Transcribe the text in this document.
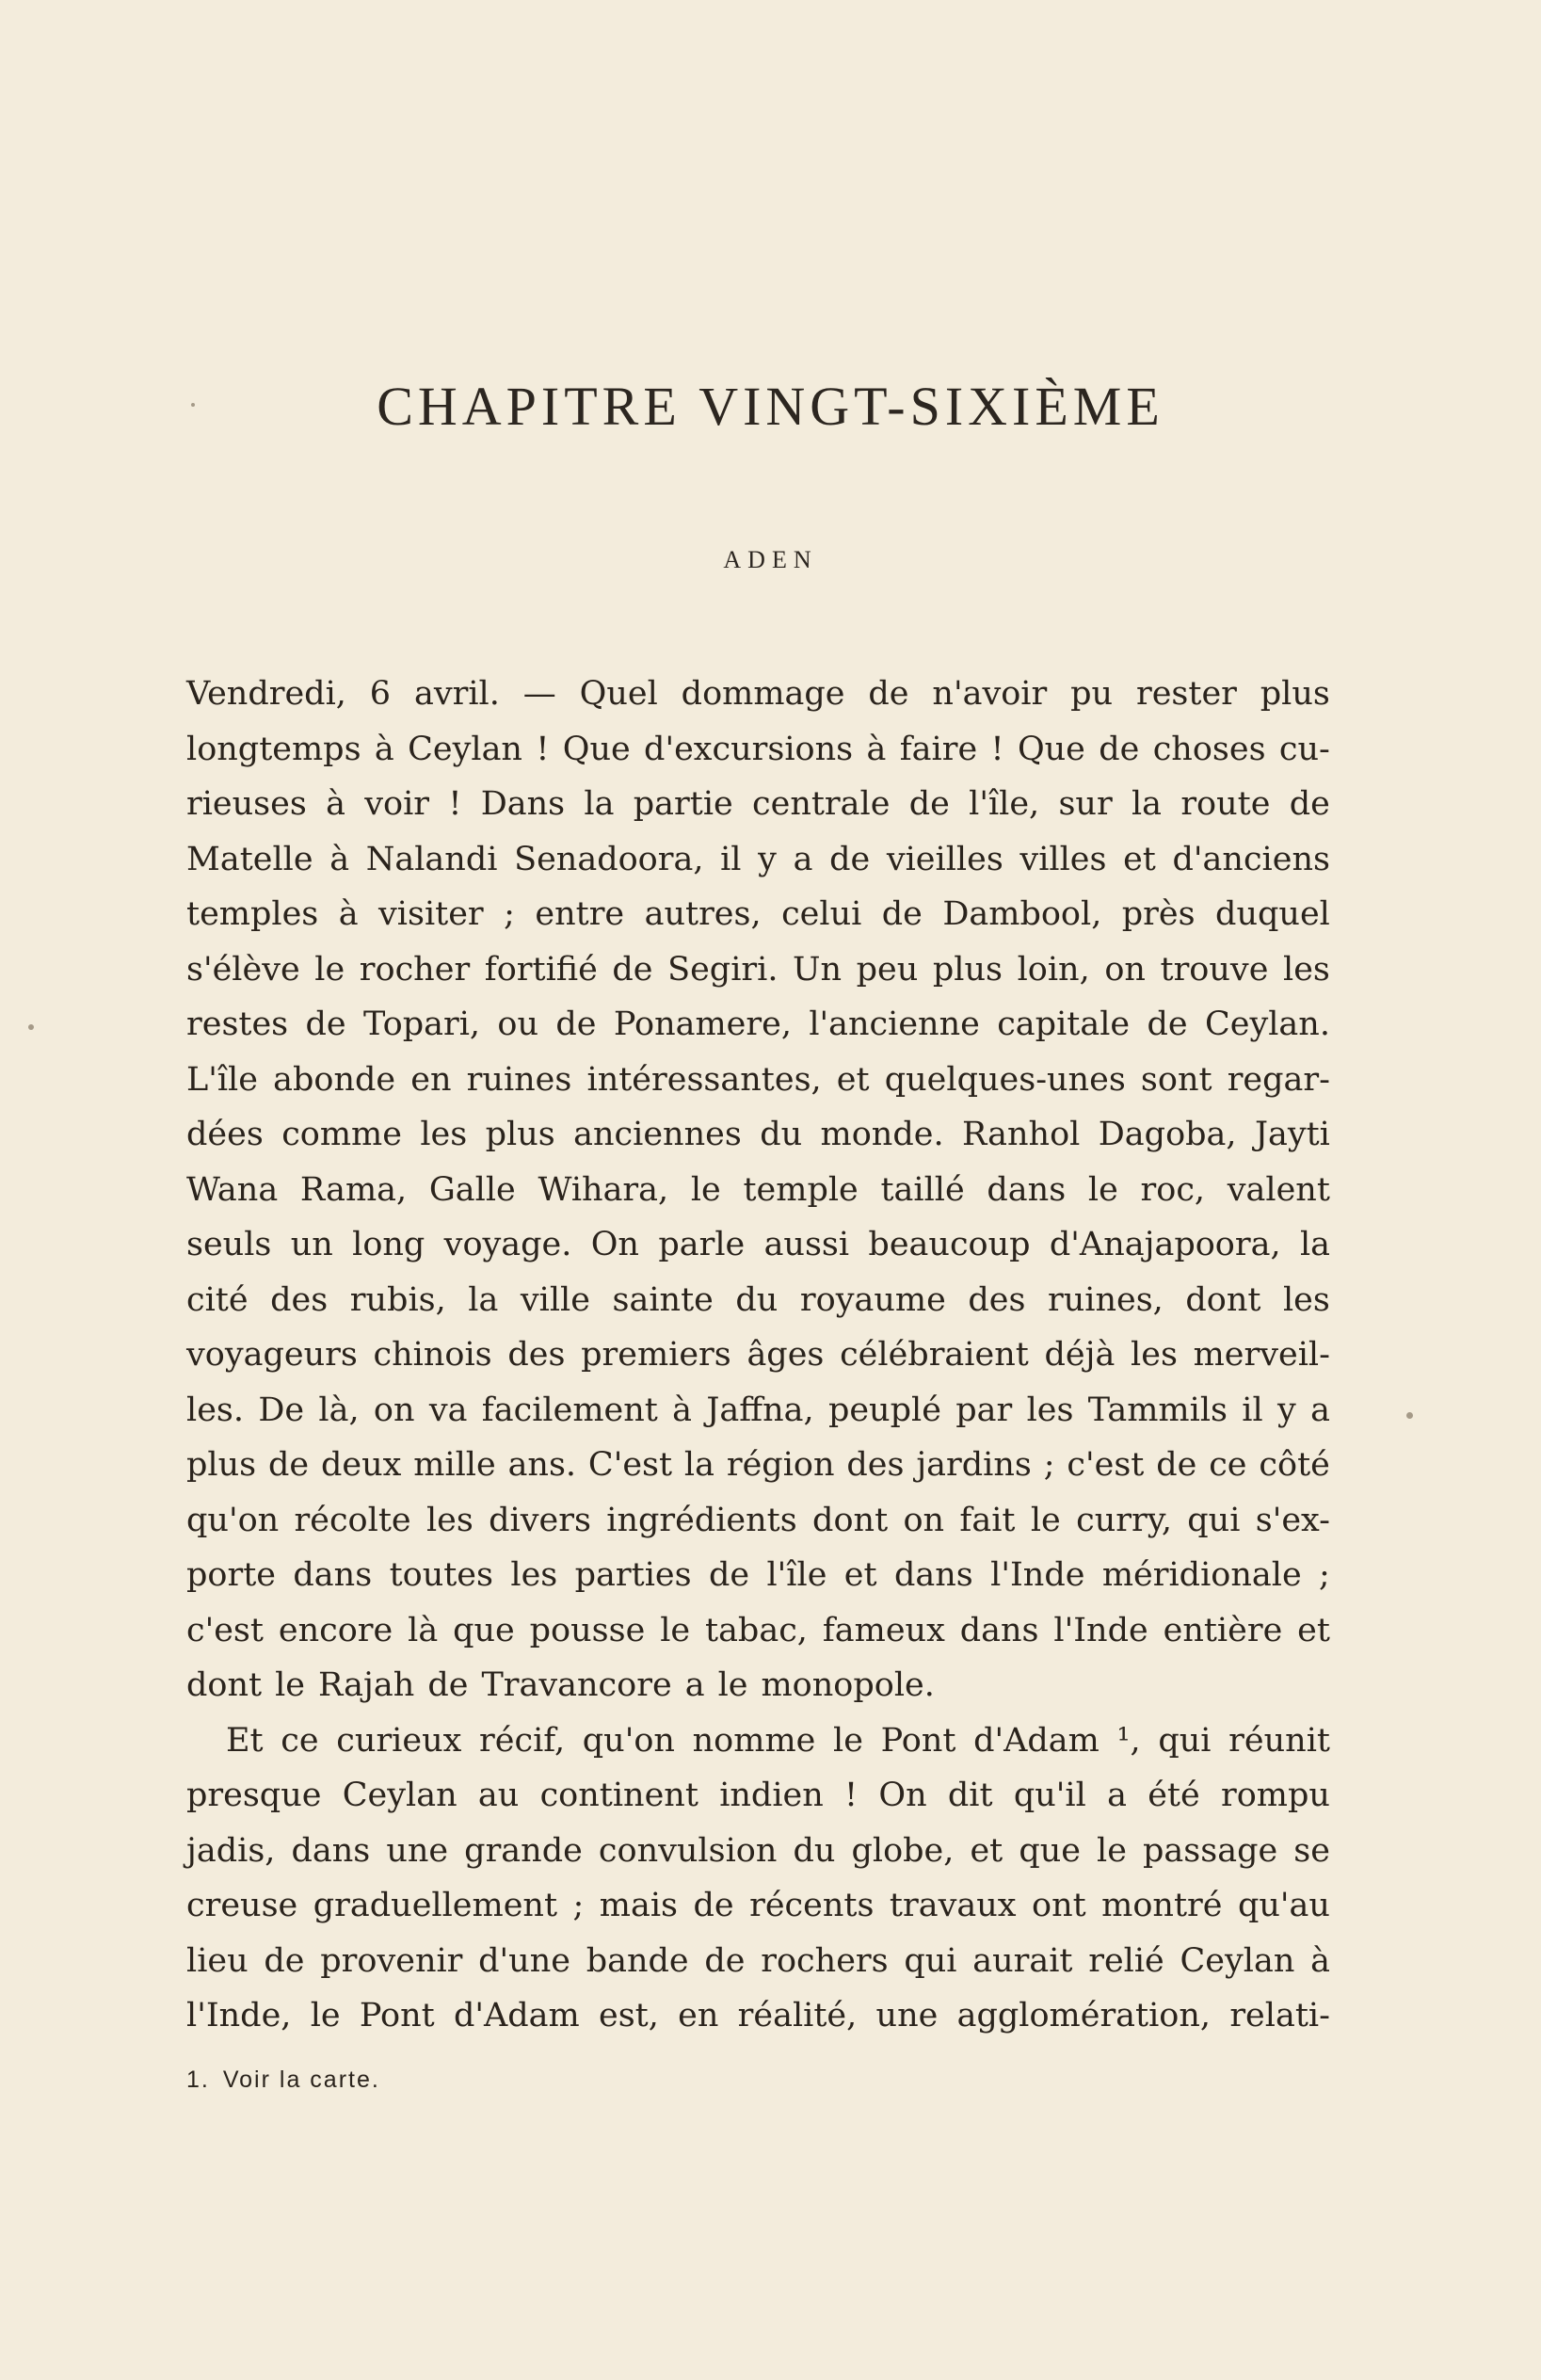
CHAPITRE VINGT-SIXIÈME
ADEN
Vendredi, 6 avril. — Quel dommage de n'avoir pu rester plus
longtemps à Ceylan ! Que d'excursions à faire ! Que de choses cu-
rieuses à voir ! Dans la partie centrale de l'île, sur la route de
Matelle à Nalandi Senadoora, il y a de vieilles villes et d'anciens
temples à visiter ; entre autres, celui de Dambool, près duquel
s'élève le rocher fortifié de Segiri. Un peu plus loin, on trouve les
restes de Topari, ou de Ponamere, l'ancienne capitale de Ceylan.
L'île abonde en ruines intéressantes, et quelques-unes sont regar-
dées comme les plus anciennes du monde. Ranhol Dagoba, Jayti
Wana Rama, Galle Wihara, le temple taillé dans le roc, valent
seuls un long voyage. On parle aussi beaucoup d'Anajapoora, la
cité des rubis, la ville sainte du royaume des ruines, dont les
voyageurs chinois des premiers âges célébraient déjà les merveil-
les. De là, on va facilement à Jaffna, peuplé par les Tammils il y a
plus de deux mille ans. C'est la région des jardins ; c'est de ce côté
qu'on récolte les divers ingrédients dont on fait le curry, qui s'ex-
porte dans toutes les parties de l'île et dans l'Inde méridionale ;
c'est encore là que pousse le tabac, fameux dans l'Inde entière et
dont le Rajah de Travancore a le monopole.
Et ce curieux récif, qu'on nomme le Pont d'Adam ¹, qui réunit
presque Ceylan au continent indien ! On dit qu'il a été rompu
jadis, dans une grande convulsion du globe, et que le passage se
creuse graduellement ; mais de récents travaux ont montré qu'au
lieu de provenir d'une bande de rochers qui aurait relié Ceylan à
l'Inde, le Pont d'Adam est, en réalité, une agglomération, relati-
1. Voir la carte.
